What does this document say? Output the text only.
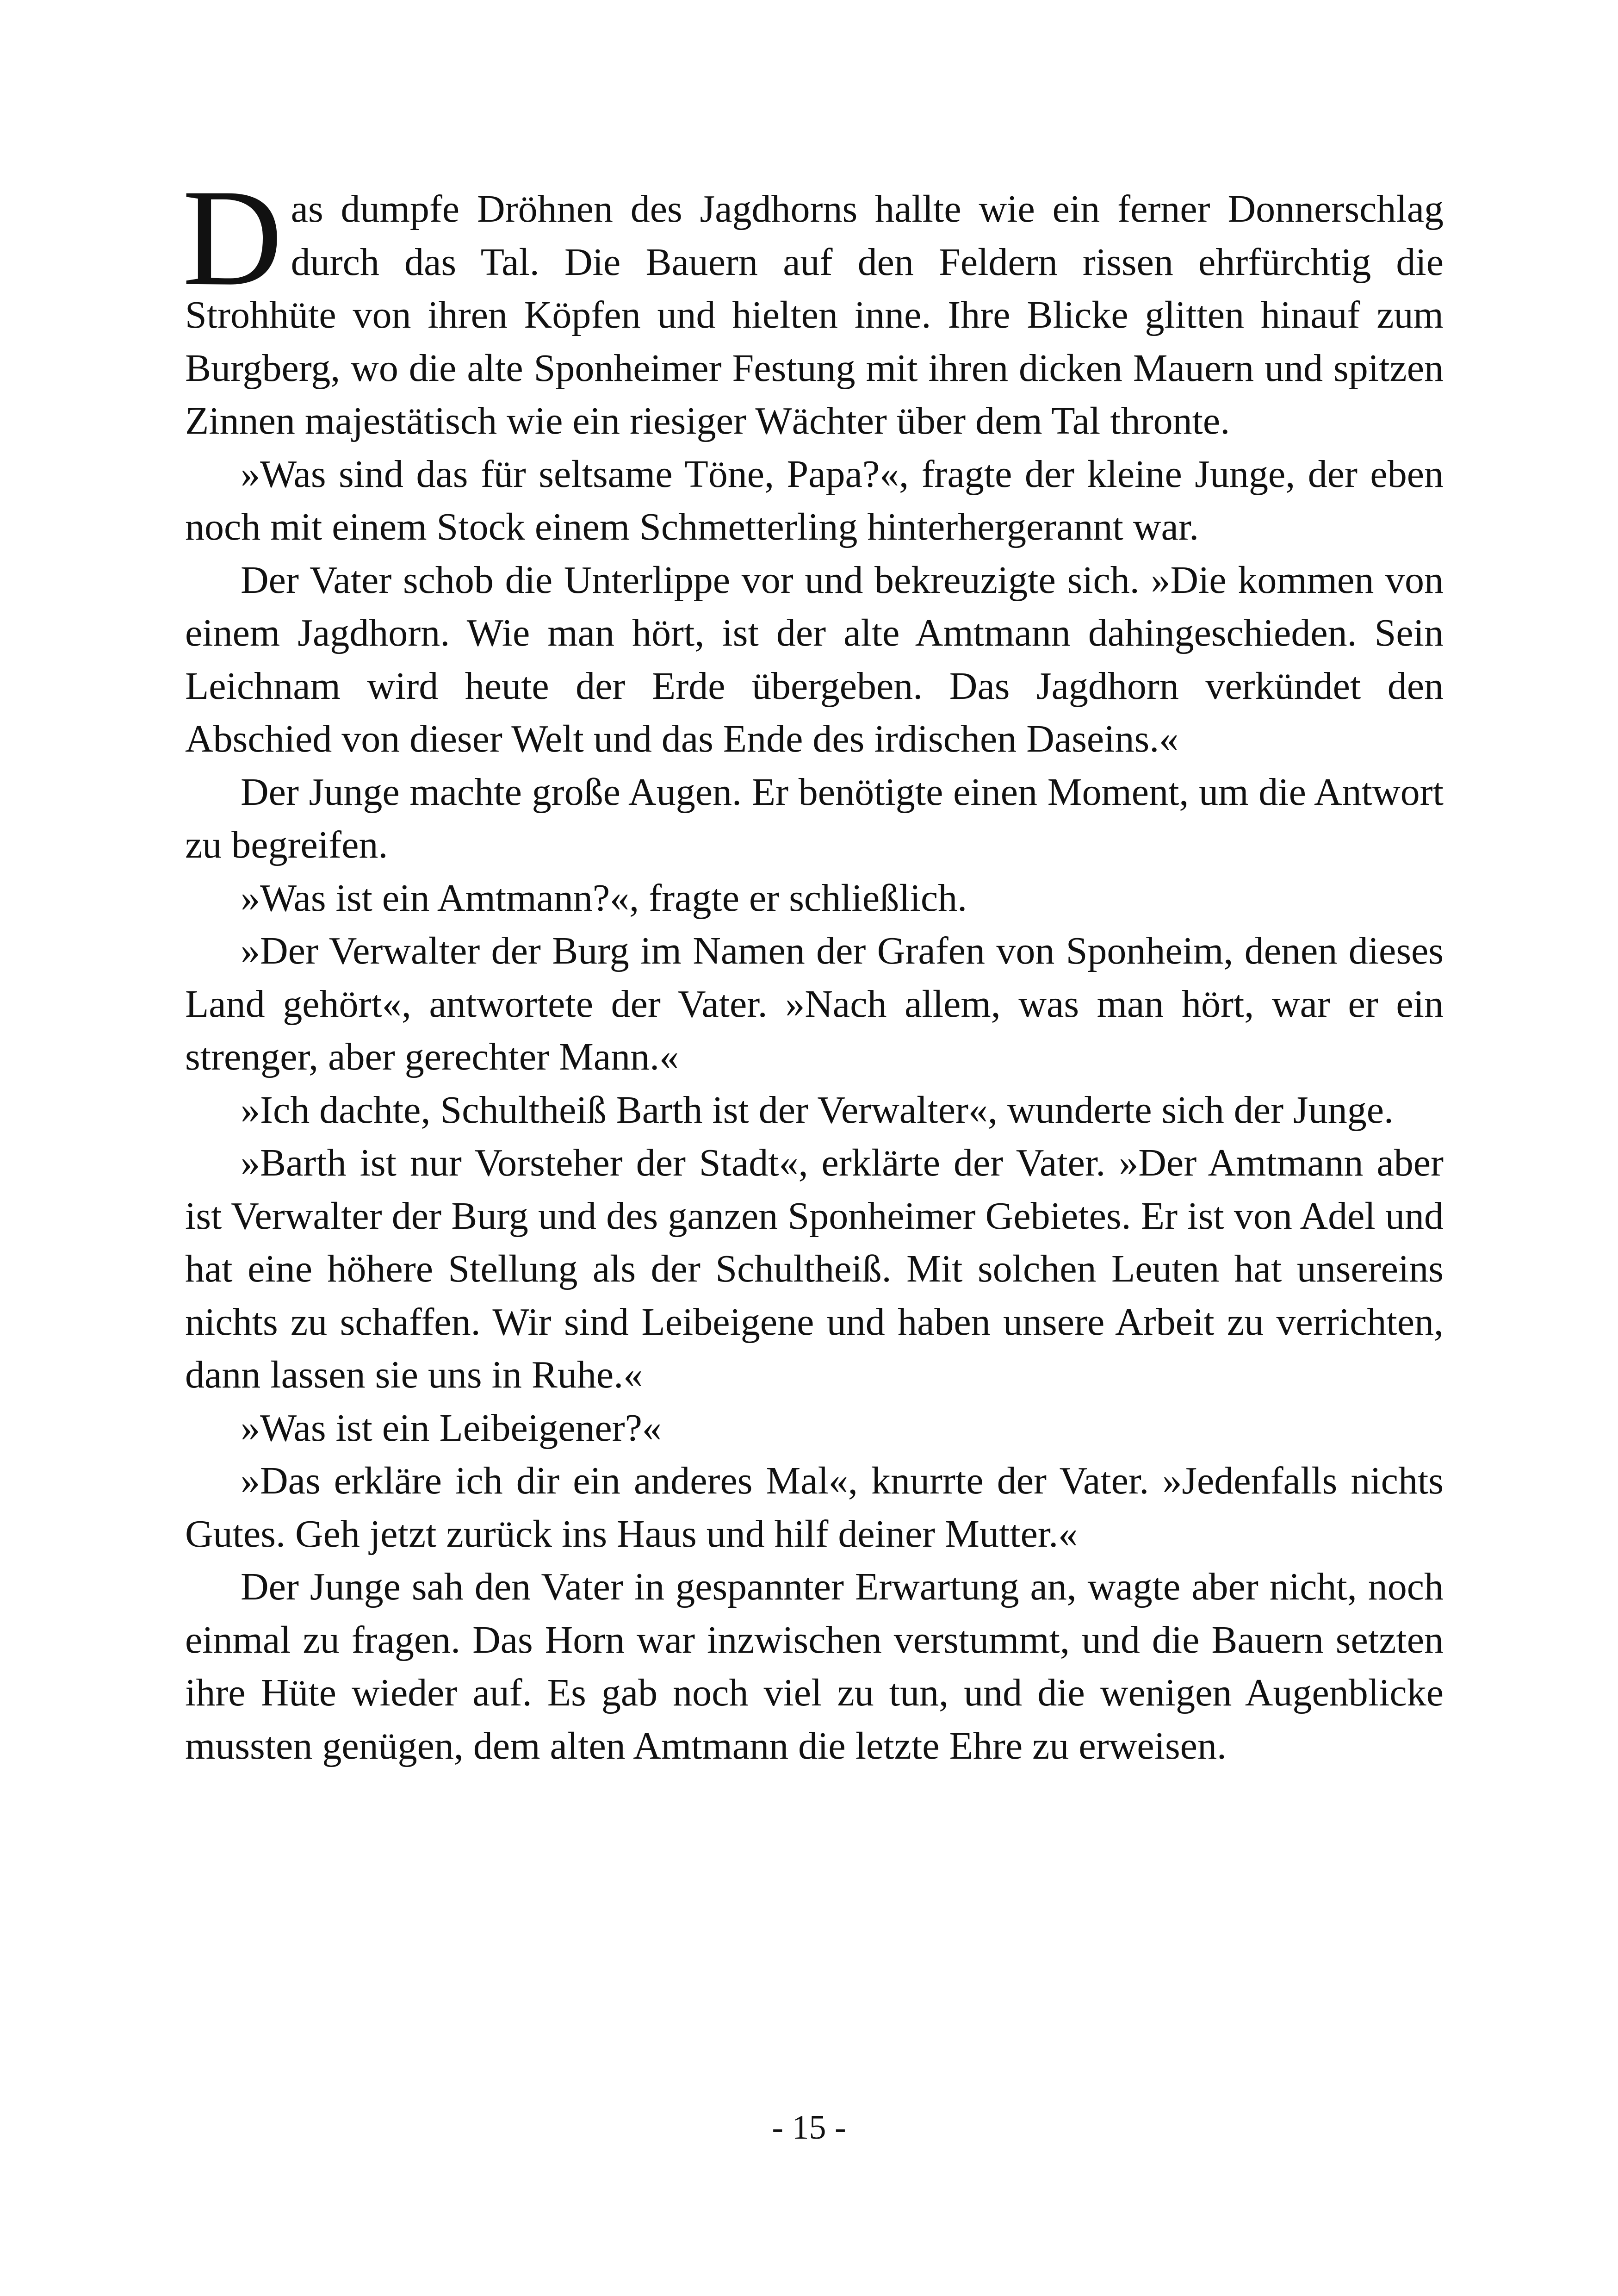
Das dumpfe Dröhnen des Jagdhorns hallte wie ein ferner Donnerschlag durch das Tal. Die Bauern auf den Feldern rissen ehrfürchtig die Strohhüte von ihren Köpfen und hielten inne. Ihre Blicke glitten hinauf zum Burgberg, wo die alte Sponheimer Festung mit ihren dicken Mauern und spitzen Zinnen majestätisch wie ein riesiger Wächter über dem Tal thronte.

»Was sind das für seltsame Töne, Papa?«, fragte der kleine Junge, der eben noch mit einem Stock einem Schmetterling hinterhergerannt war.

Der Vater schob die Unterlippe vor und bekreuzigte sich. »Die kommen von einem Jagdhorn. Wie man hört, ist der alte Amtmann dahingeschieden. Sein Leichnam wird heute der Erde übergeben. Das Jagdhorn verkündet den Abschied von dieser Welt und das Ende des irdischen Daseins.«

Der Junge machte große Augen. Er benötigte einen Moment, um die Antwort zu begreifen.

»Was ist ein Amtmann?«, fragte er schließlich.

»Der Verwalter der Burg im Namen der Grafen von Sponheim, denen dieses Land gehört«, antwortete der Vater. »Nach allem, was man hört, war er ein strenger, aber gerechter Mann.«

»Ich dachte, Schultheiß Barth ist der Verwalter«, wunderte sich der Junge.

»Barth ist nur Vorsteher der Stadt«, erklärte der Vater. »Der Amtmann aber ist Verwalter der Burg und des ganzen Sponheimer Gebietes. Er ist von Adel und hat eine höhere Stellung als der Schultheiß. Mit solchen Leuten hat unsereins nichts zu schaffen. Wir sind Leibeigene und haben unsere Arbeit zu verrichten, dann lassen sie uns in Ruhe.«

»Was ist ein Leibeigener?«

»Das erkläre ich dir ein anderes Mal«, knurrte der Vater. »Jedenfalls nichts Gutes. Geh jetzt zurück ins Haus und hilf deiner Mutter.«

Der Junge sah den Vater in gespannter Erwartung an, wagte aber nicht, noch einmal zu fragen. Das Horn war inzwischen verstummt, und die Bauern setzten ihre Hüte wieder auf. Es gab noch viel zu tun, und die wenigen Augenblicke mussten genügen, dem alten Amtmann die letzte Ehre zu erweisen.

- 15 -
